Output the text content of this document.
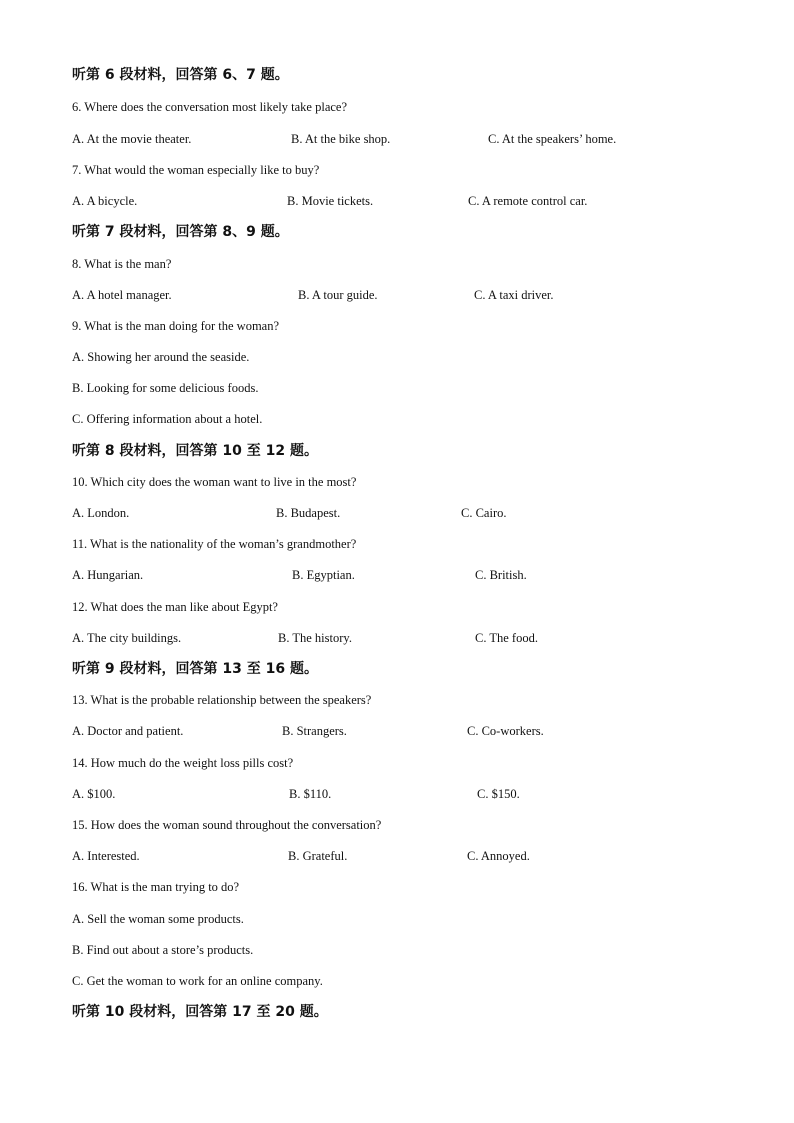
听第 6 段材料，回答第 6、7 题。
6. Where does the conversation most likely take place?
A. At the movie theater.	B. At the bike shop.	C. At the speakers’ home.
7. What would the woman especially like to buy?
A. A bicycle.	B. Movie tickets.	C. A remote control car.
听第 7 段材料，回答第 8、9 题。
8. What is the man?
A. A hotel manager.	B. A tour guide.	C. A taxi driver.
9. What is the man doing for the woman?
A. Showing her around the seaside.
B. Looking for some delicious foods.
C. Offering information about a hotel.
听第 8 段材料，回答第 10 至 12 题。
10. Which city does the woman want to live in the most?
A. London.	B. Budapest.	C. Cairo.
11. What is the nationality of the woman’s grandmother?
A. Hungarian.	B. Egyptian.	C. British.
12. What does the man like about Egypt?
A. The city buildings.	B. The history.	C. The food.
听第 9 段材料，回答第 13 至 16 题。
13. What is the probable relationship between the speakers?
A. Doctor and patient.	B. Strangers.	C. Co-workers.
14. How much do the weight loss pills cost?
A. $100.	B. $110.	C. $150.
15. How does the woman sound throughout the conversation?
A. Interested.	B. Grateful.	C. Annoyed.
16. What is the man trying to do?
A. Sell the woman some products.
B. Find out about a store’s products.
C. Get the woman to work for an online company.
听第 10 段材料，回答第 17 至 20 题。
